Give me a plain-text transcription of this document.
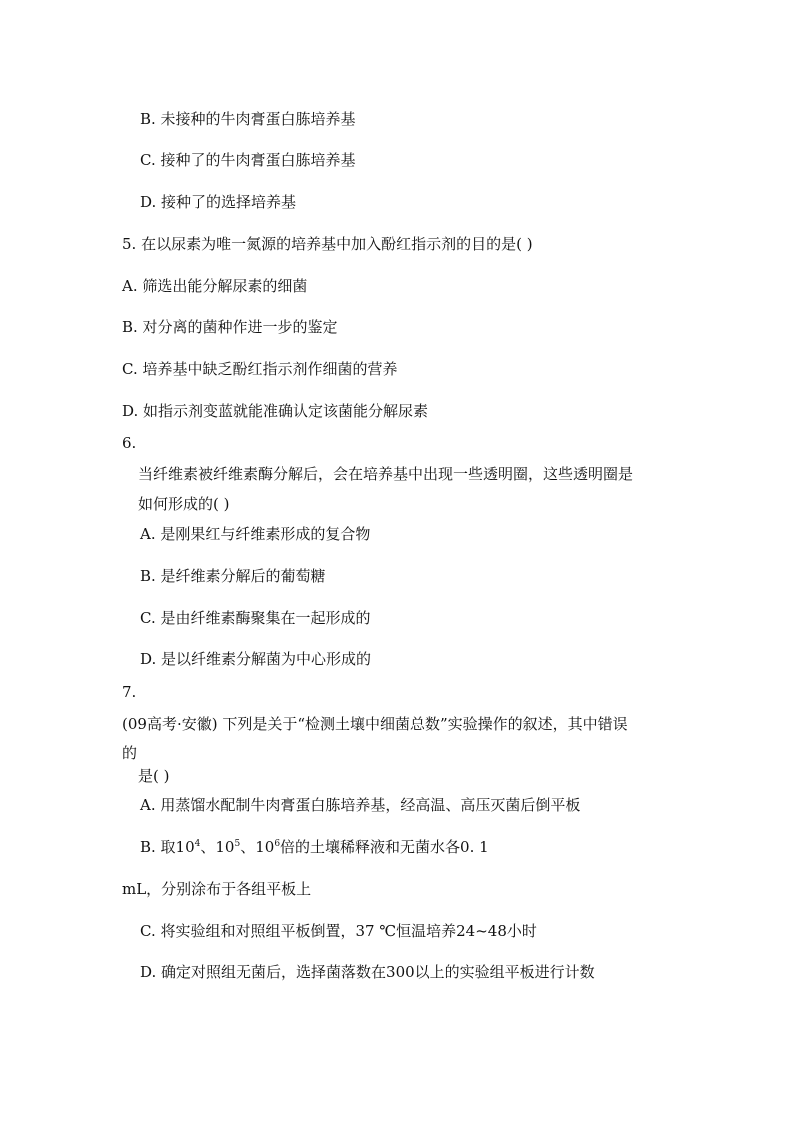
B. 未接种的牛肉膏蛋白胨培养基
C. 接种了的牛肉膏蛋白胨培养基
D. 接种了的选择培养基
5. 在以尿素为唯一氮源的培养基中加入酚红指示剂的目的是( )
A. 筛选出能分解尿素的细菌
B. 对分离的菌种作进一步的鉴定
C. 培养基中缺乏酚红指示剂作细菌的营养
D. 如指示剂变蓝就能准确认定该菌能分解尿素
6.
当纤维素被纤维素酶分解后，会在培养基中出现一些透明圈，这些透明圈是
如何形成的( )
A. 是刚果红与纤维素形成的复合物
B. 是纤维素分解后的葡萄糖
C. 是由纤维素酶聚集在一起形成的
D. 是以纤维素分解菌为中心形成的
7.
(09高考·安徽) 下列是关于“检测土壤中细菌总数”实验操作的叙述，其中错误
的
是( )
A. 用蒸馏水配制牛肉膏蛋白胨培养基，经高温、高压灭菌后倒平板
B. 取$10^4$、$10^5$、$10^6$倍的土壤稀释液和无菌水各0. 1
mL，分别涂布于各组平板上
C. 将实验组和对照组平板倒置，37 ℃恒温培养24~48小时
D. 确定对照组无菌后，选择菌落数在300以上的实验组平板进行计数
